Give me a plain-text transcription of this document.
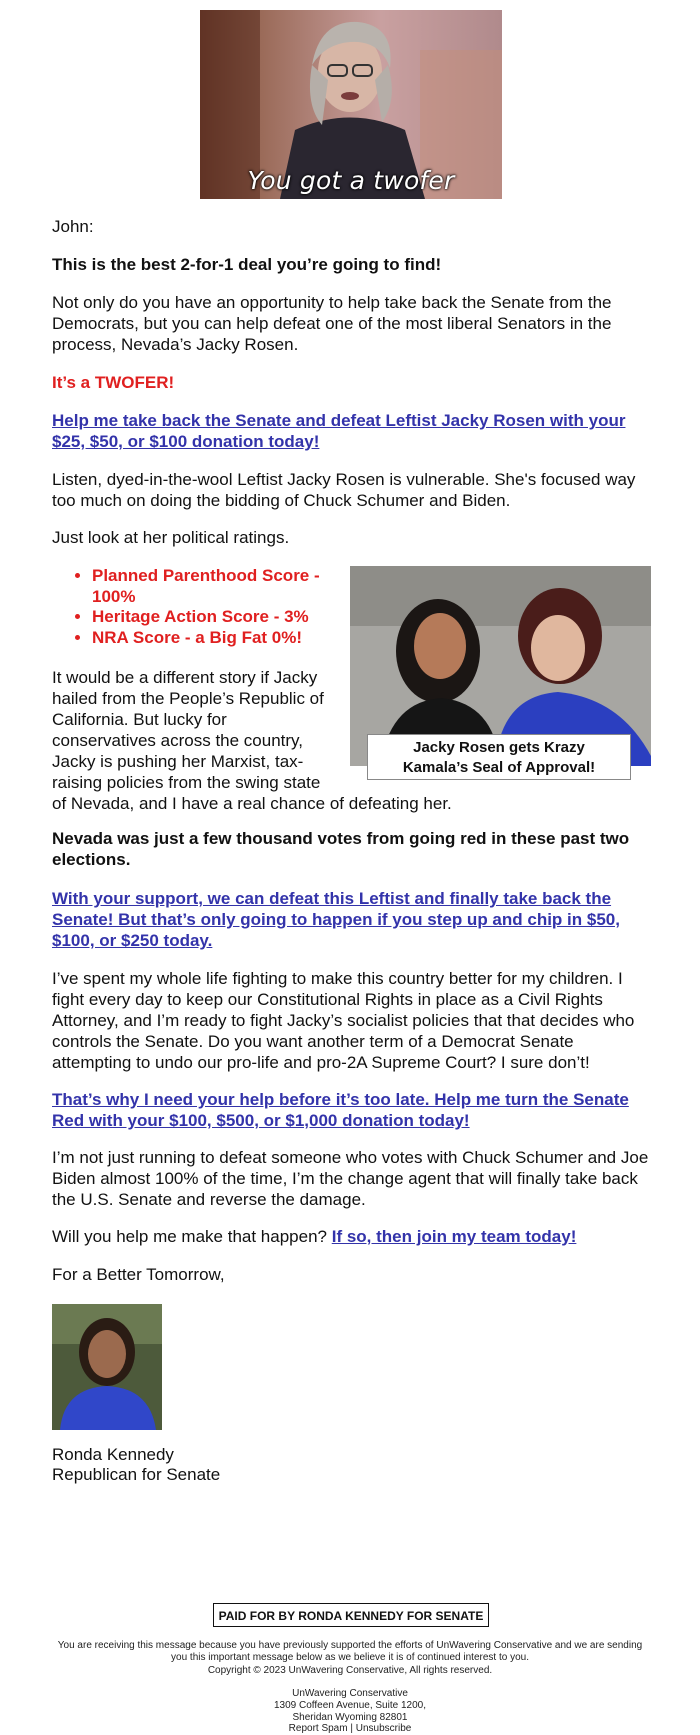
You got a twofer

John:

This is the best 2-for-1 deal you’re going to find!

Not only do you have an opportunity to help take back the Senate from the Democrats, but you can help defeat one of the most liberal Senators in the process, Nevada’s Jacky Rosen.

It’s a TWOFER!

Help me take back the Senate and defeat Leftist Jacky Rosen with your $25, $50, or $100 donation today!

Listen, dyed-in-the-wool Leftist Jacky Rosen is vulnerable. She's focused way too much on doing the bidding of Chuck Schumer and Biden.

Just look at her political ratings.

• Planned Parenthood Score - 100%
• Heritage Action Score - 3%
• NRA Score - a Big Fat 0%!
It would be a different story if Jacky
hailed from the People’s Republic of
California. But lucky for
conservatives across the country,
Jacky is pushing her Marxist, tax-
raising policies from the swing state
of Nevada, and I have a real chance of defeating her.

Nevada was just a few thousand votes from going red in these past two elections.

With your support, we can defeat this Leftist and finally take back the Senate! But that’s only going to happen if you step up and chip in $50, $100, or $250 today.

I’ve spent my whole life fighting to make this country better for my children. I fight every day to keep our Constitutional Rights in place as a Civil Rights Attorney, and I’m ready to fight Jacky’s socialist policies that that decides who controls the Senate. Do you want another term of a Democrat Senate attempting to undo our pro-life and pro-2A Supreme Court? I sure don’t!

That’s why I need your help before it’s too late. Help me turn the Senate Red with your $100, $500, or $1,000 donation today!

I’m not just running to defeat someone who votes with Chuck Schumer and Joe Biden almost 100% of the time, I’m the change agent that will finally take back the U.S. Senate and reverse the damage.

Will you help me make that happen? If so, then join my team today!

For a Better Tomorrow,

Ronda Kennedy

Republican for Senate

Jacky Rosen gets Krazy
Kamala’s Seal of Approval!
PAID FOR BY RONDA KENNEDY FOR SENATE
You are receiving this message because you have previously supported the efforts of UnWavering Conservative and we are sending you this important message below as we believe it is of continued interest to you.
Copyright © 2023 UnWavering Conservative, All rights reserved.
UnWavering Conservative
1309 Coffeen Avenue, Suite 1200,
Sheridan Wyoming 82801
Report Spam | Unsubscribe
